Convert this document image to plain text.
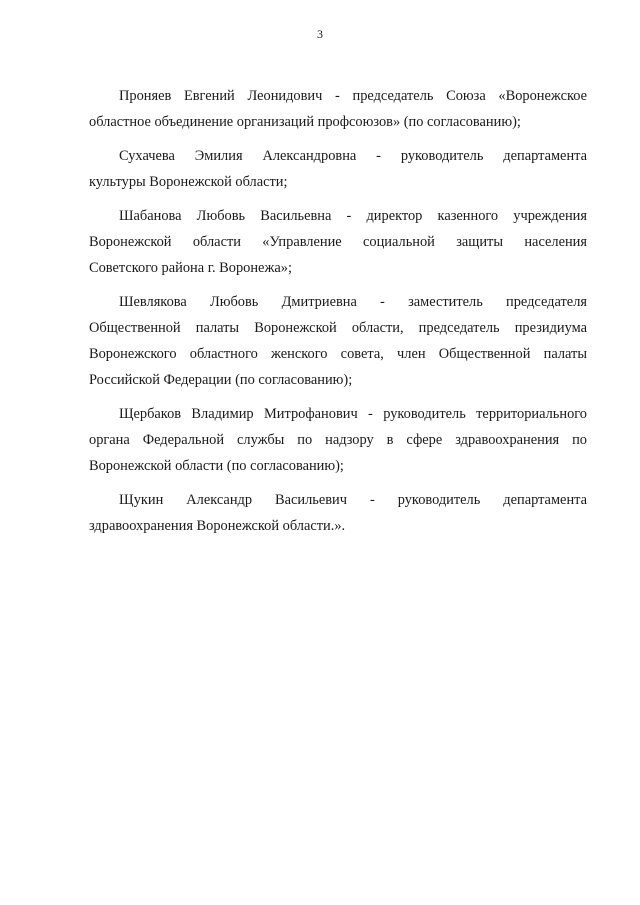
3
Проняев Евгений Леонидович - председатель Союза «Воронежское
областное объединение организаций профсоюзов» (по согласованию);
Сухачева Эмилия Александровна - руководитель департамента
культуры Воронежской области;
Шабанова Любовь Васильевна - директор казенного учреждения
Воронежской области «Управление социальной защиты населения
Советского района г. Воронежа»;
Шевлякова Любовь Дмитриевна - заместитель председателя
Общественной палаты Воронежской области, председатель президиума
Воронежского областного женского совета, член Общественной палаты
Российской Федерации (по согласованию);
Щербаков Владимир Митрофанович - руководитель территориального
органа Федеральной службы по надзору в сфере здравоохранения по
Воронежской области (по согласованию);
Щукин Александр Васильевич - руководитель департамента
здравоохранения Воронежской области.».
